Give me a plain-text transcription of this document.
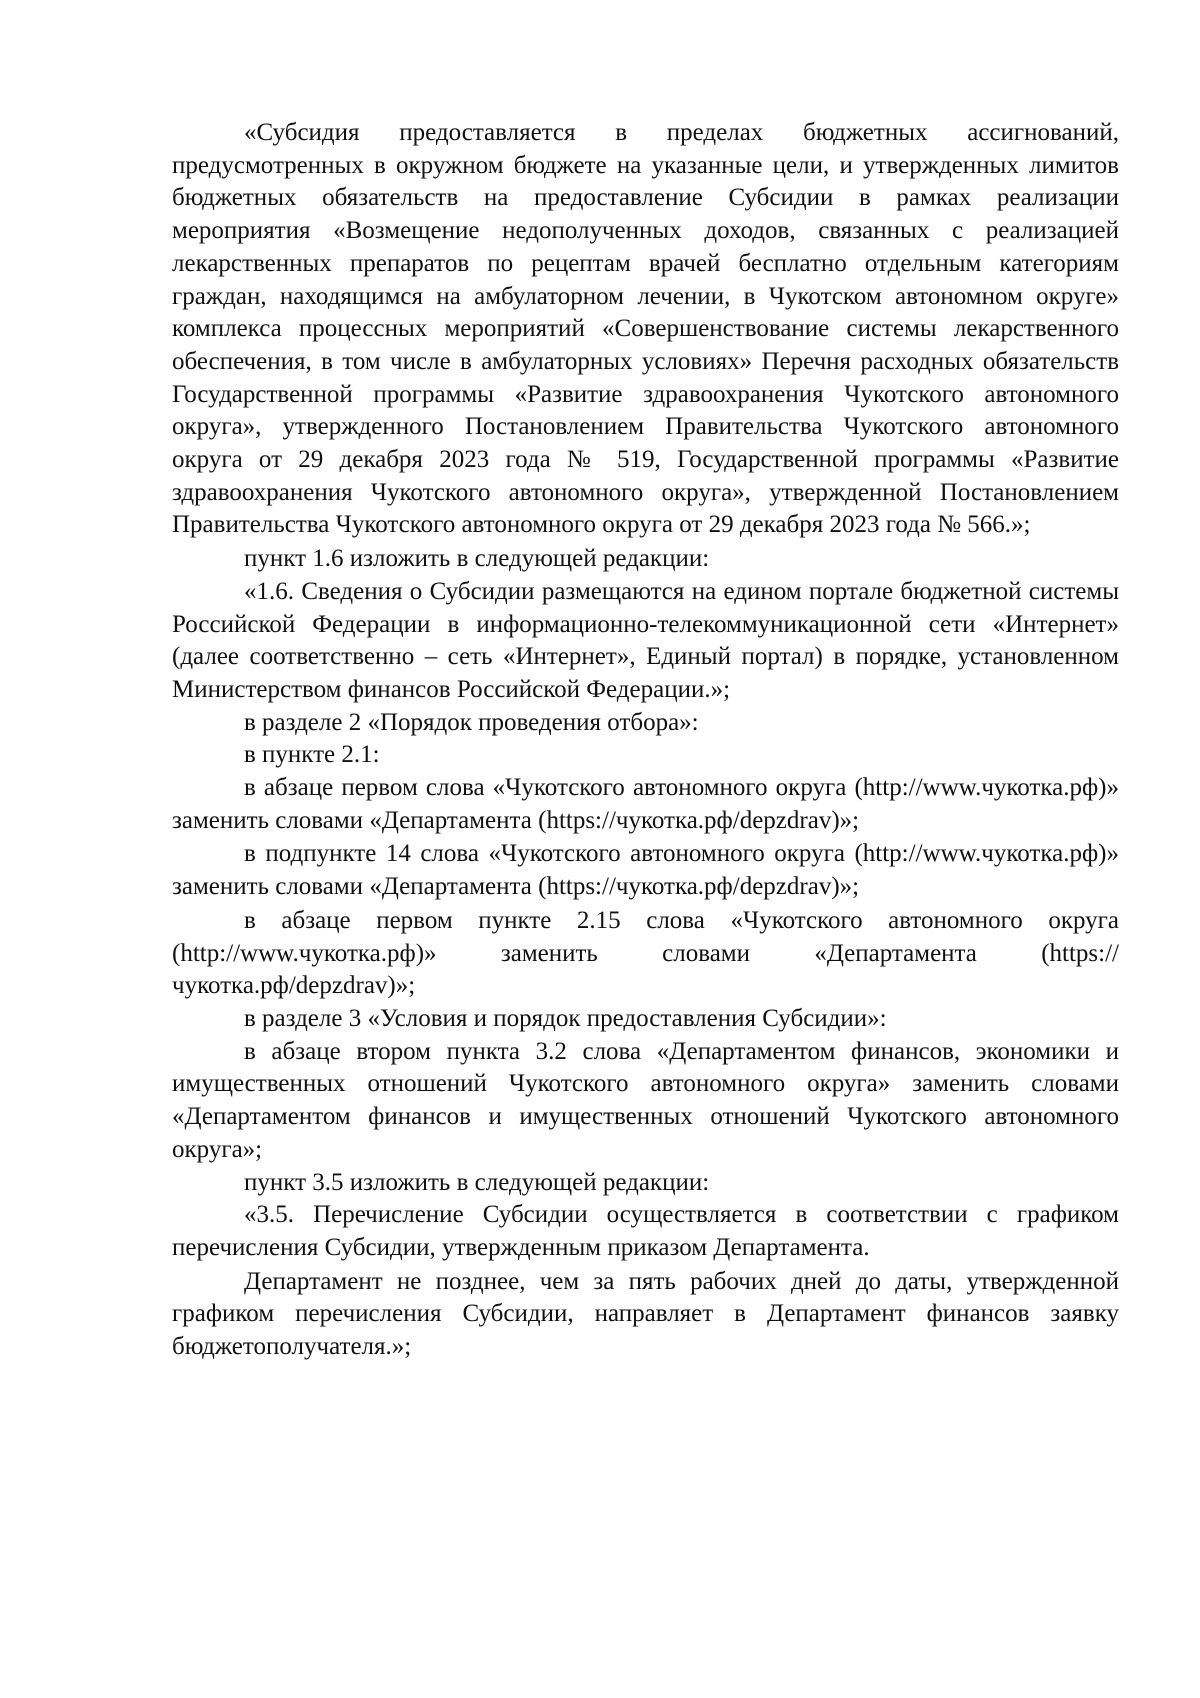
«Субсидия предоставляется в пределах бюджетных ассигнований, предусмотренных в окружном бюджете на указанные цели, и утвержденных лимитов бюджетных обязательств на предоставление Субсидии в рамках реализации мероприятия «Возмещение недополученных доходов, связанных с реализацией лекарственных препаратов по рецептам врачей бесплатно отдельным категориям граждан, находящимся на амбулаторном лечении, в Чукотском автономном округе» комплекса процессных мероприятий «Совершенствование системы лекарственного обеспечения, в том числе в амбулаторных условиях» Перечня расходных обязательств Государственной программы «Развитие здравоохранения Чукотского автономного округа», утвержденного Постановлением Правительства Чукотского автономного округа от 29 декабря 2023 года № 519, Государственной программы «Развитие здравоохранения Чукотского автономного округа», утвержденной Постановлением Правительства Чукотского автономного округа от 29 декабря 2023 года № 566.»;

пункт 1.6 изложить в следующей редакции:

«1.6. Сведения о Субсидии размещаются на едином портале бюджетной системы Российской Федерации в информационно-телекоммуникационной сети «Интернет» (далее соответственно – сеть «Интернет», Единый портал) в порядке, установленном Министерством финансов Российской Федерации.»;

в разделе 2 «Порядок проведения отбора»:

в пункте 2.1:

в абзаце первом слова «Чукотского автономного округа (http://www.чукотка.рф)» заменить словами «Департамента (https://чукотка.рф/depzdrav)»;

в подпункте 14 слова «Чукотского автономного округа (http://www.чукотка.рф)» заменить словами «Департамента (https://чукотка.рф/depzdrav)»;

в абзаце первом пункте 2.15 слова «Чукотского автономного округа (http://www.чукотка.рф)» заменить словами «Департамента (https://чукотка.рф/depzdrav)»;

в разделе 3 «Условия и порядок предоставления Субсидии»:

в абзаце втором пункта 3.2 слова «Департаментом финансов, экономики и имущественных отношений Чукотского автономного округа» заменить словами «Департаментом финансов и имущественных отношений Чукотского автономного округа»;

пункт 3.5 изложить в следующей редакции:

«3.5. Перечисление Субсидии осуществляется в соответствии с графиком перечисления Субсидии, утвержденным приказом Департамента.

Департамент не позднее, чем за пять рабочих дней до даты, утвержденной графиком перечисления Субсидии, направляет в Департамент финансов заявку бюджетополучателя.»;
